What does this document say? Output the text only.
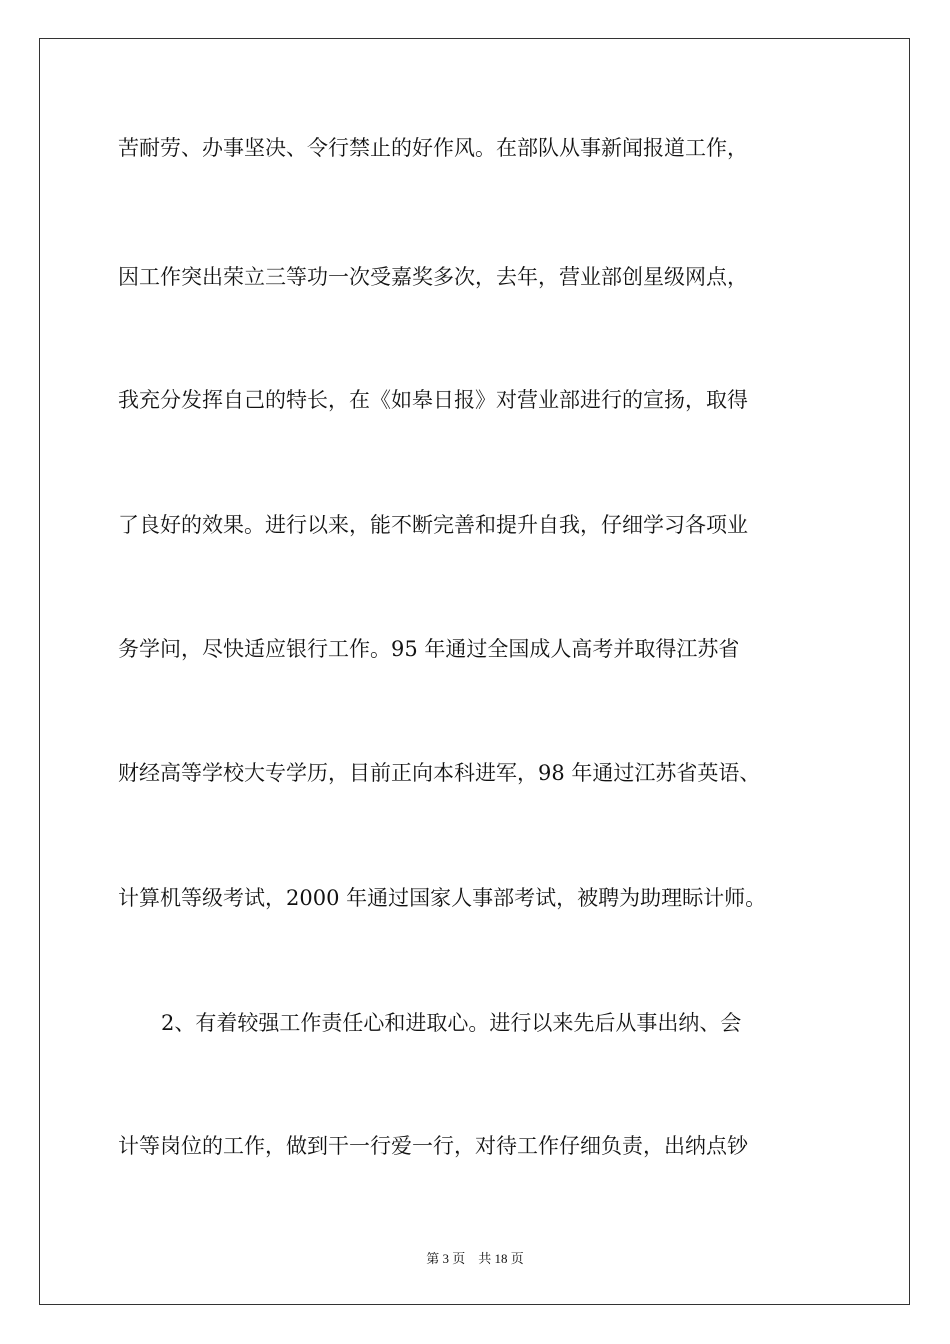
苦耐劳、办事坚决、令行禁止的好作风。在部队从事新闻报道工作，
因工作突出荣立三等功一次受嘉奖多次，去年，营业部创星级网点，
我充分发挥自己的特长，在《如皋日报》对营业部进行的宣扬，取得
了良好的效果。进行以来，能不断完善和提升自我，仔细学习各项业
务学问，尽快适应银行工作。95 年通过全国成人高考并取得江苏省
财经高等学校大专学历，目前正向本科进军，98 年通过江苏省英语、
计算机等级考试，2000 年通过国家人事部考试，被聘为助理眎计师。
2、有着较强工作责任心和进取心。进行以来先后从事出纳、会
计等岗位的工作，做到干一行爱一行，对待工作仔细负责，出纳点钞
第 3 页　共 18 页
